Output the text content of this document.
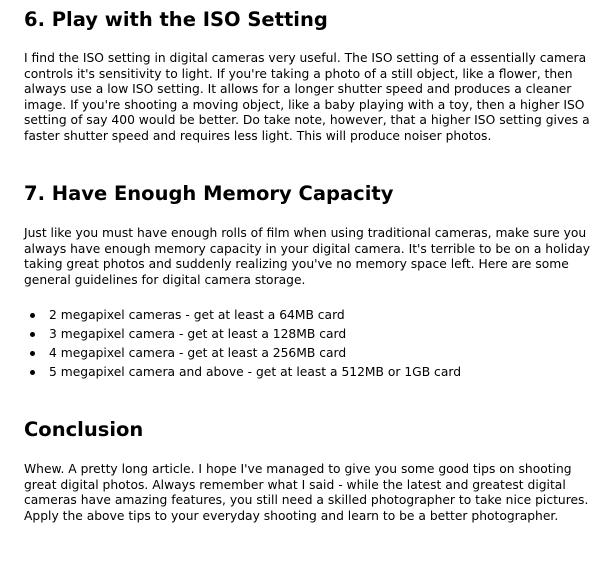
6. Play with the ISO Setting

I find the ISO setting in digital cameras very useful. The ISO setting of a essentially camera controls it's sensitivity to light. If you're taking a photo of a still object, like a flower, then always use a low ISO setting. It allows for a longer shutter speed and produces a cleaner image. If you're shooting a moving object, like a baby playing with a toy, then a higher ISO setting of say 400 would be better. Do take note, however, that a higher ISO setting gives a faster shutter speed and requires less light. This will produce noiser photos.

7. Have Enough Memory Capacity

Just like you must have enough rolls of film when using traditional cameras, make sure you always have enough memory capacity in your digital camera. It's terrible to be on a holiday taking great photos and suddenly realizing you've no memory space left. Here are some general guidelines for digital camera storage.

2 megapixel cameras - get at least a 64MB card
3 megapixel camera - get at least a 128MB card
4 megapixel camera - get at least a 256MB card
5 megapixel camera and above - get at least a 512MB or 1GB card
Conclusion

Whew. A pretty long article. I hope I've managed to give you some good tips on shooting great digital photos. Always remember what I said - while the latest and greatest digital cameras have amazing features, you still need a skilled photographer to take nice pictures. Apply the above tips to your everyday shooting and learn to be a better photographer.
